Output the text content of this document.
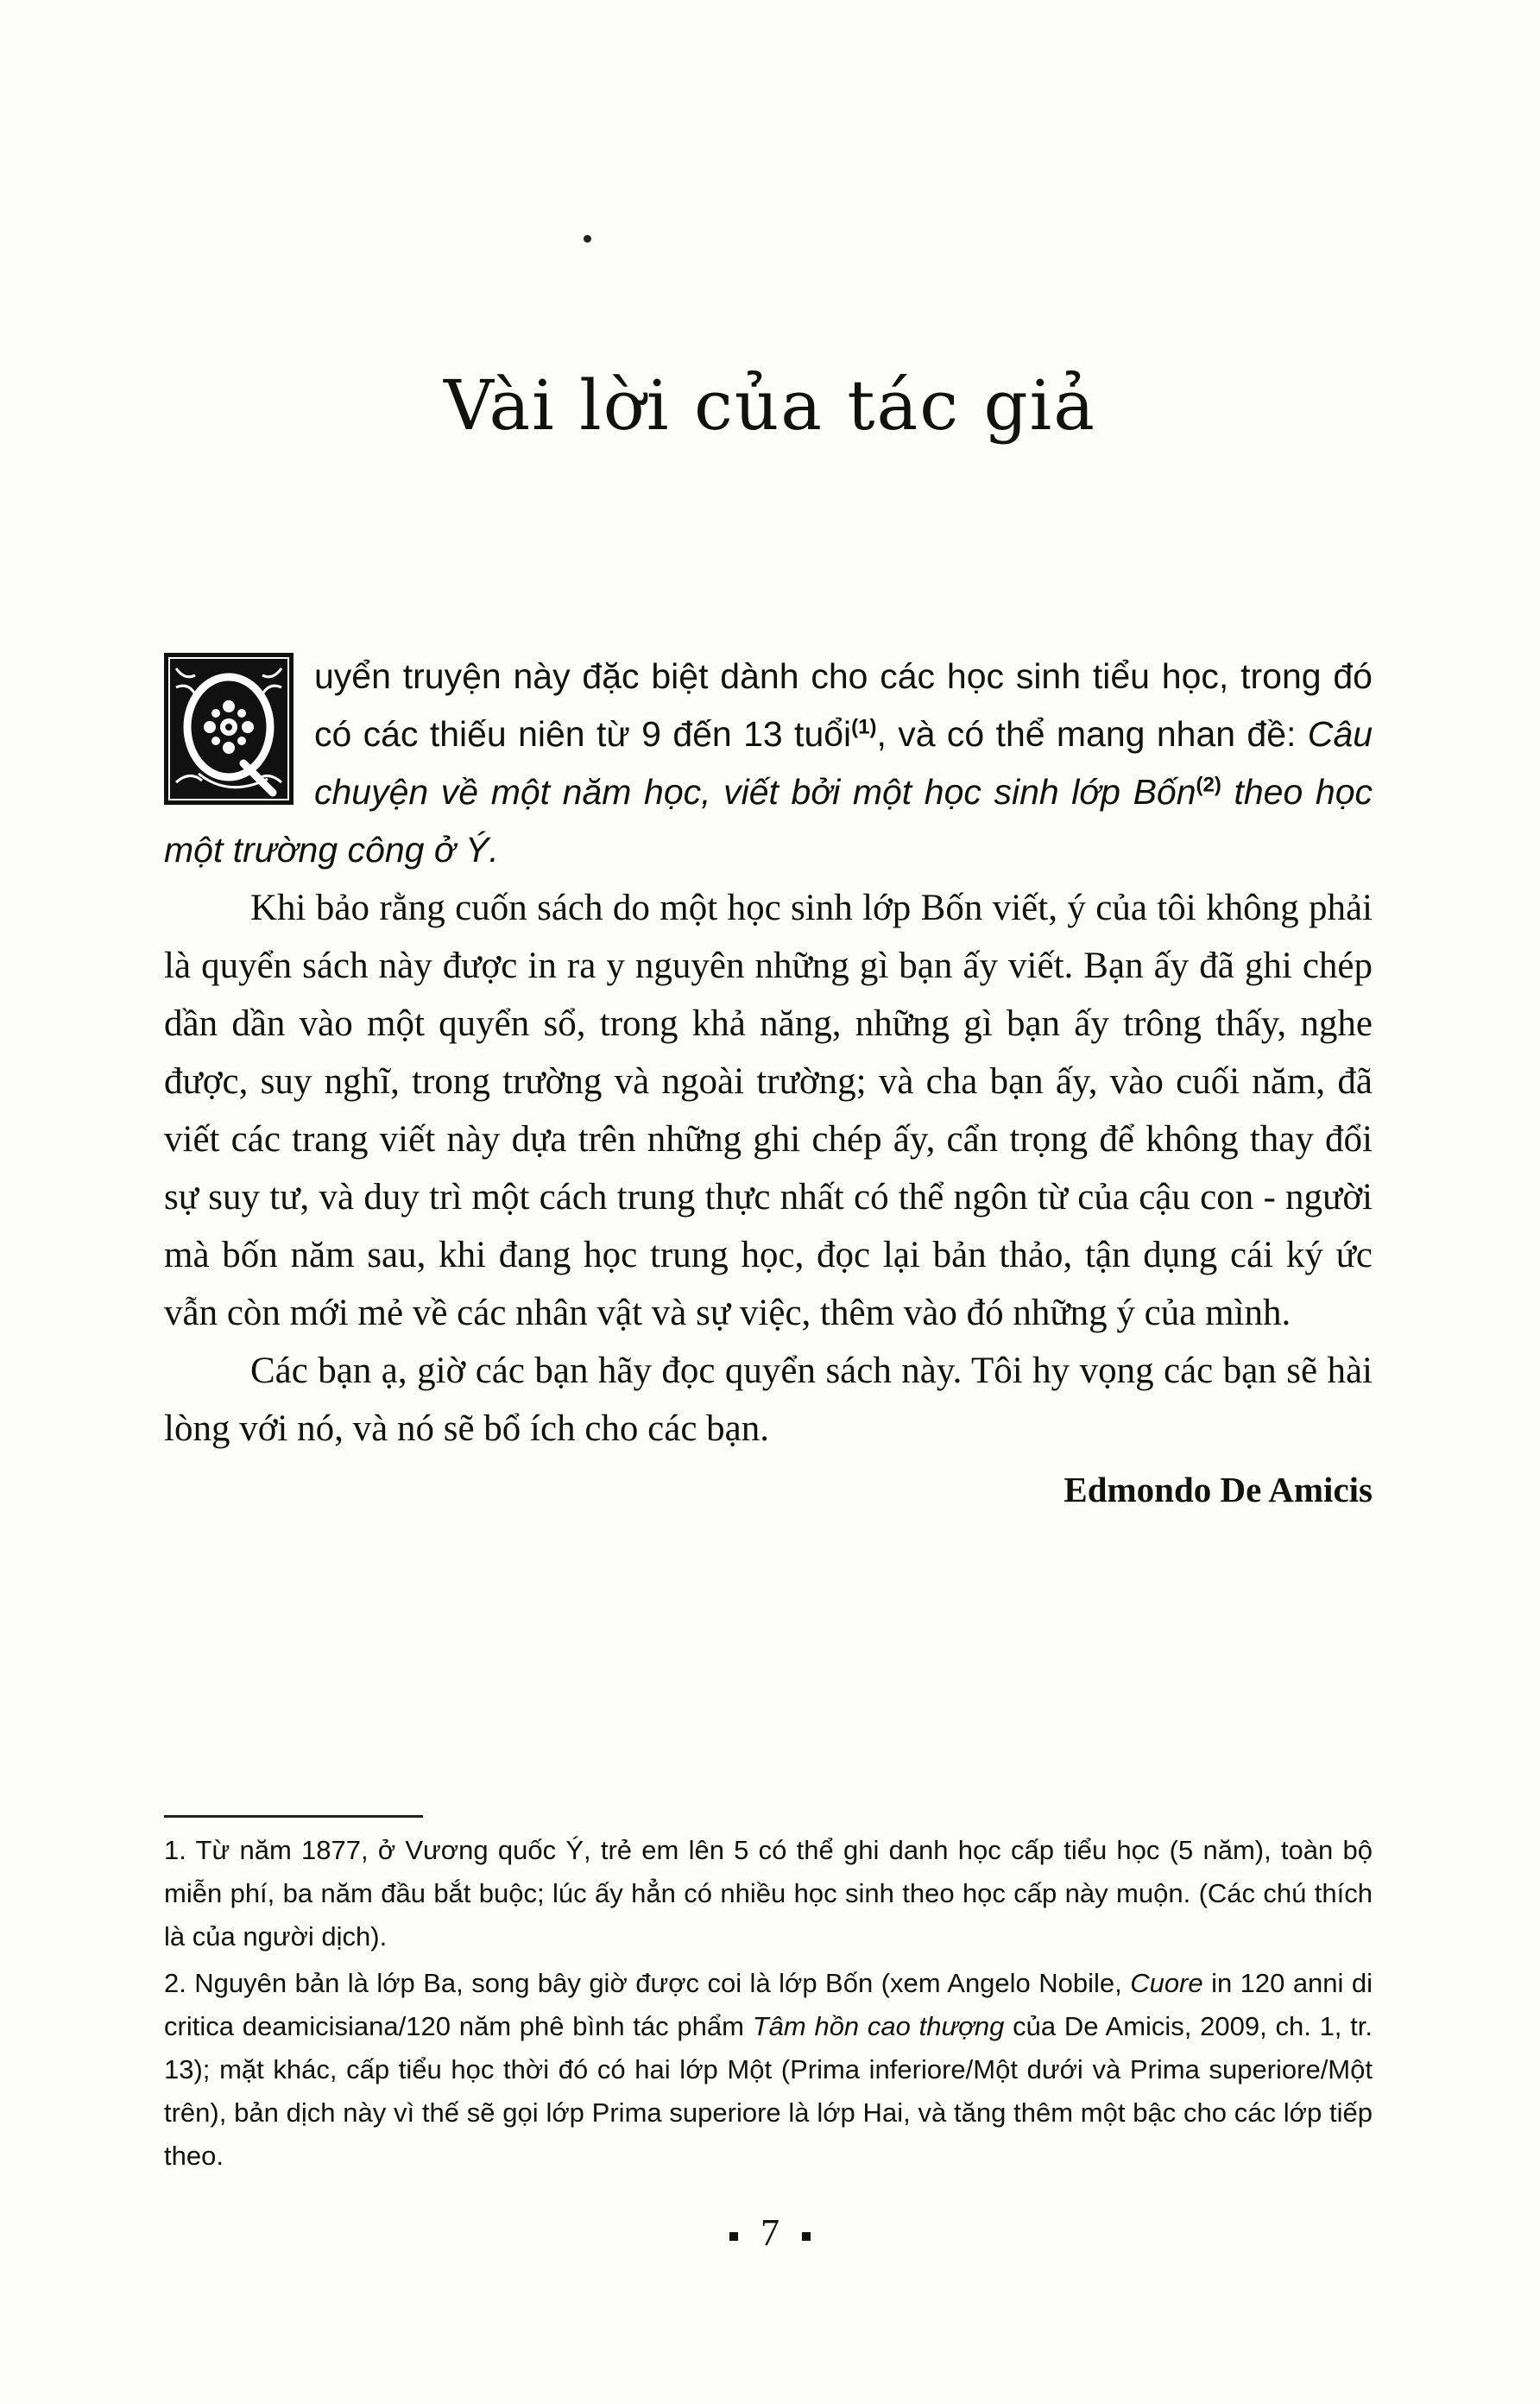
Vài lời của tác giả

uyển truyện này đặc biệt dành cho các học sinh tiểu học, trong đó có các thiếu niên từ 9 đến 13 tuổi$^{(1)}$, và có thể mang nhan đề: Câu chuyện về một năm học, viết bởi một học sinh lớp Bốn$^{(2)}$ theo học một trường công ở Ý.

Khi bảo rằng cuốn sách do một học sinh lớp Bốn viết, ý của tôi không phải là quyển sách này được in ra y nguyên những gì bạn ấy viết. Bạn ấy đã ghi chép dần dần vào một quyển sổ, trong khả năng, những gì bạn ấy trông thấy, nghe được, suy nghĩ, trong trường và ngoài trường; và cha bạn ấy, vào cuối năm, đã viết các trang viết này dựa trên những ghi chép ấy, cẩn trọng để không thay đổi sự suy tư, và duy trì một cách trung thực nhất có thể ngôn từ của cậu con - người mà bốn năm sau, khi đang học trung học, đọc lại bản thảo, tận dụng cái ký ức vẫn còn mới mẻ về các nhân vật và sự việc, thêm vào đó những ý của mình.

Các bạn ạ, giờ các bạn hãy đọc quyển sách này. Tôi hy vọng các bạn sẽ hài lòng với nó, và nó sẽ bổ ích cho các bạn.

Edmondo De Amicis

1. Từ năm 1877, ở Vương quốc Ý, trẻ em lên 5 có thể ghi danh học cấp tiểu học (5 năm), toàn bộ miễn phí, ba năm đầu bắt buộc; lúc ấy hẳn có nhiều học sinh theo học cấp này muộn. (Các chú thích là của người dịch).

2. Nguyên bản là lớp Ba, song bây giờ được coi là lớp Bốn (xem Angelo Nobile, Cuore in 120 anni di critica deamicisiana/120 năm phê bình tác phẩm Tâm hồn cao thượng của De Amicis, 2009, ch. 1, tr. 13); mặt khác, cấp tiểu học thời đó có hai lớp Một (Prima inferiore/Một dưới và Prima superiore/Một trên), bản dịch này vì thế sẽ gọi lớp Prima superiore là lớp Hai, và tăng thêm một bậc cho các lớp tiếp theo.

7
